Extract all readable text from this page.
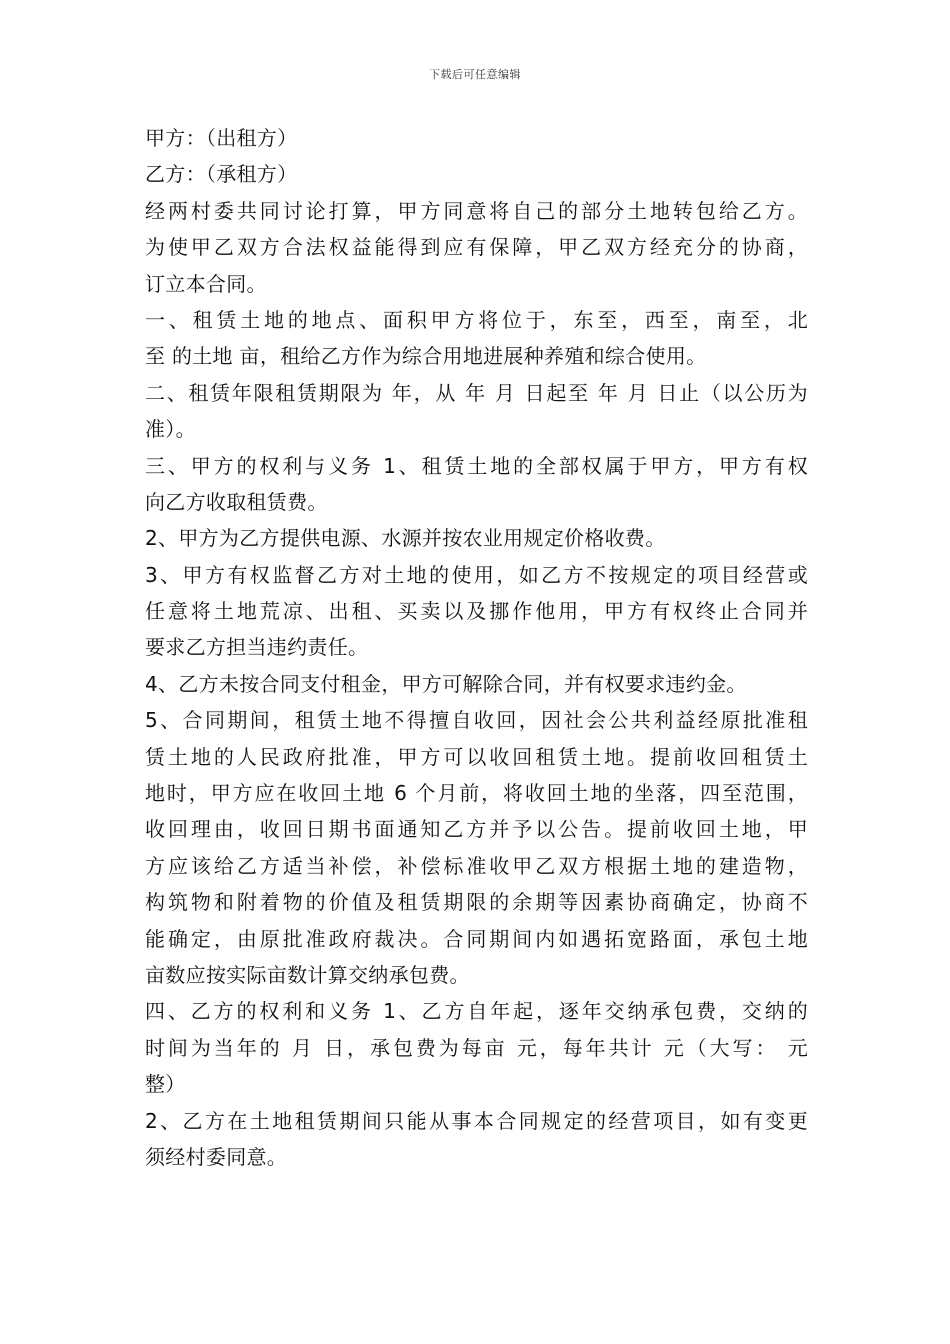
下载后可任意编辑
甲方：（出租方）
乙方：（承租方）
经两村委共同讨论打算，甲方同意将自己的部分土地转包给乙方。
为使甲乙双方合法权益能得到应有保障，甲乙双方经充分的协商，
订立本合同。
一、租赁土地的地点、面积甲方将位于，东至，西至，南至，北
至 的土地 亩，租给乙方作为综合用地进展种养殖和综合使用。
二、租赁年限租赁期限为 年，从 年 月 日起至 年 月 日止（以公历为
准）。
三、甲方的权利与义务 1、租赁土地的全部权属于甲方，甲方有权
向乙方收取租赁费。
2、甲方为乙方提供电源、水源并按农业用规定价格收费。
3、甲方有权监督乙方对土地的使用，如乙方不按规定的项目经营或
任意将土地荒凉、出租、买卖以及挪作他用，甲方有权终止合同并
要求乙方担当违约责任。
4、乙方未按合同支付租金，甲方可解除合同，并有权要求违约金。
5、合同期间，租赁土地不得擅自收回，因社会公共利益经原批准租
赁土地的人民政府批准，甲方可以收回租赁土地。提前收回租赁土
地时，甲方应在收回土地 6 个月前，将收回土地的坐落，四至范围，
收回理由，收回日期书面通知乙方并予以公告。提前收回土地，甲
方应该给乙方适当补偿，补偿标准收甲乙双方根据土地的建造物，
构筑物和附着物的价值及租赁期限的余期等因素协商确定，协商不
能确定，由原批准政府裁决。合同期间内如遇拓宽路面，承包土地
亩数应按实际亩数计算交纳承包费。
四、乙方的权利和义务 1、乙方自年起，逐年交纳承包费，交纳的
时间为当年的 月 日，承包费为每亩 元，每年共计 元（大写： 元
整）
2、乙方在土地租赁期间只能从事本合同规定的经营项目，如有变更
须经村委同意。
